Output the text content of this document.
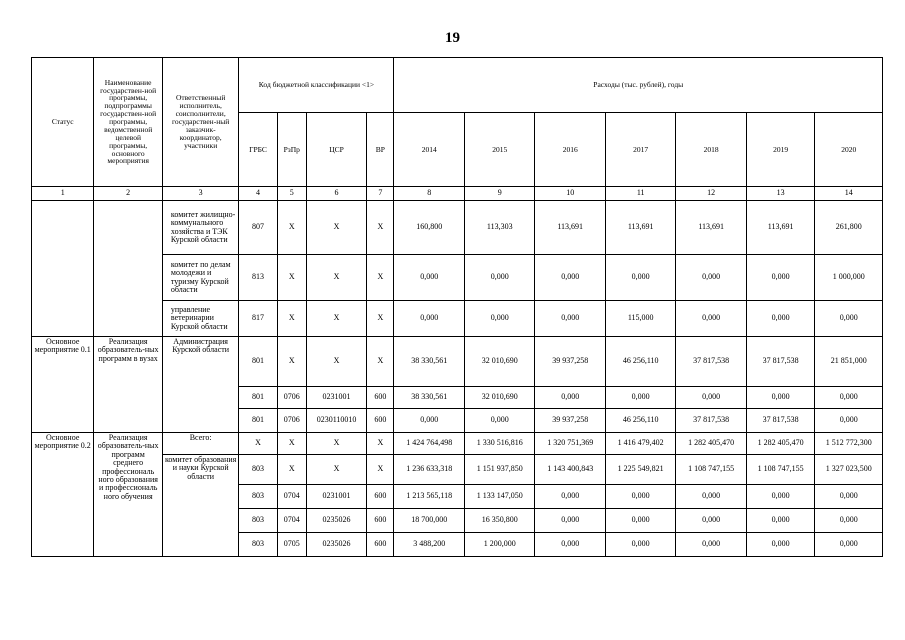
19
Статус	Наименование государствен-ной программы, подпрограммы государствен-ной программы, ведомственной целевой программы, основного мероприятия	Ответственный исполнитель, соисполнители, государствен-ный заказчик-координатор, участники	Код бюджетной классификации <1>				Расходы (тыс. рублей), годы						
			ГРБС	РзПр	ЦСР	ВР	2014	2015	2016	2017	2018	2019	2020
1	2	3	4	5	6	7	8	9	10	11	12	13	14
		комитет жилищно-коммунального хозяйства и ТЭК Курской области	807	X	X	X	160,800	113,303	113,691	113,691	113,691	113,691	261,800
		комитет по делам молодежи и туризму Курской области	813	X	X	X	0,000	0,000	0,000	0,000	0,000	0,000	1 000,000
		управление ветеринарии Курской области	817	X	X	X	0,000	0,000	0,000	115,000	0,000	0,000	0,000
Основное мероприятие 0.1	Реализация образователь-ных программ в вузах	Администрация Курской области	801	X	X	X	38 330,561	32 010,690	39 937,258	46 256,110	37 817,538	37 817,538	21 851,000
			801	0706	0231001	600	38 330,561	32 010,690	0,000	0,000	0,000	0,000	0,000
			801	0706	0230110010	600	0,000	0,000	39 937,258	46 256,110	37 817,538	37 817,538	0,000
Основное мероприятие 0.2	Реализация образователь-ных программ среднего профессиональ ного образования и профессиональ ного обучения	Всего:	X	X	X	X	1 424 764,498	1 330 516,816	1 320 751,369	1 416 479,402	1 282 405,470	1 282 405,470	1 512 772,300
		комитет образования и науки Курской области	803	X	X	X	1 236 633,318	1 151 937,850	1 143 400,843	1 225 549,821	1 108 747,155	1 108 747,155	1 327 023,500
			803	0704	0231001	600	1 213 565,118	1 133 147,050	0,000	0,000	0,000	0,000	0,000
			803	0704	0235026	600	18 700,000	16 350,800	0,000	0,000	0,000	0,000	0,000
			803	0705	0235026	600	3 488,200	1 200,000	0,000	0,000	0,000	0,000	0,000
